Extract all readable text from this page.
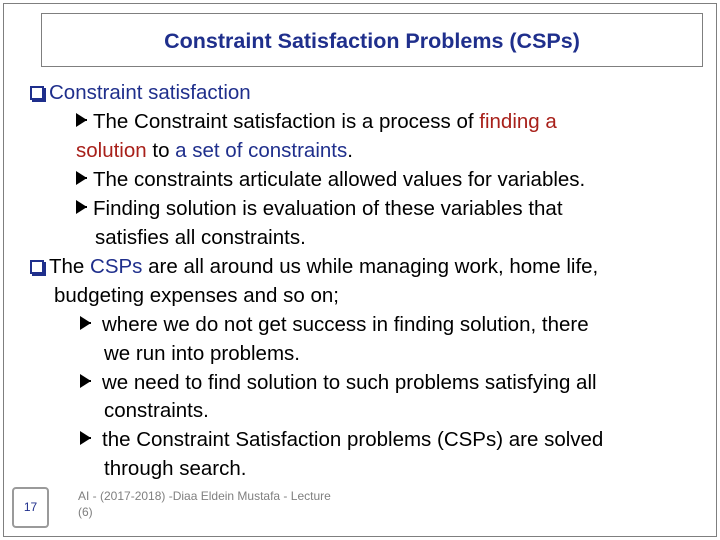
Constraint Satisfaction Problems (CSPs)
Constraint satisfaction
The Constraint satisfaction is a process of finding a
solution to a set of constraints.
The constraints articulate allowed values for variables.
Finding solution is evaluation of these variables that
satisfies all constraints.
The CSPs are all around us while managing work, home life,
budgeting expenses and so on;
where we do not get success in finding solution, there
we run into problems.
we need to find solution to such problems satisfying all
constraints.
the Constraint Satisfaction problems (CSPs) are solved
through search.
17
AI - (2017-2018) -Diaa Eldein Mustafa - Lecture
(6)
